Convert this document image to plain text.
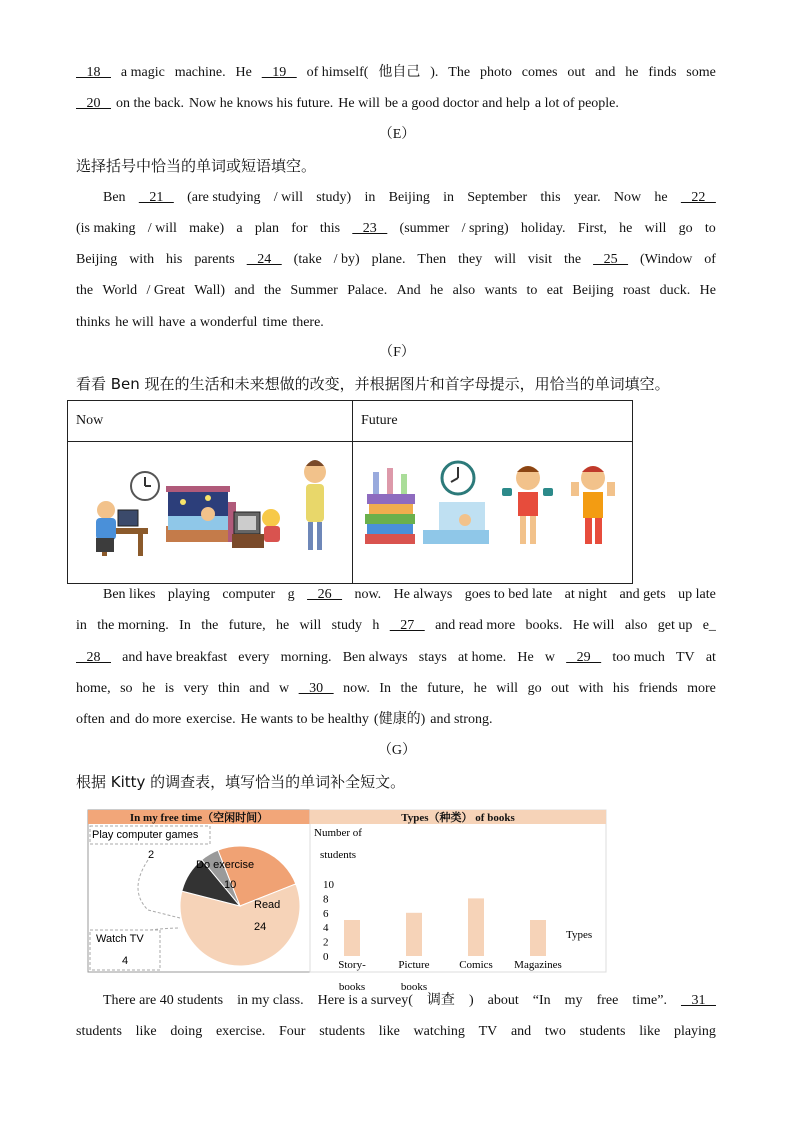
18 a magic machine. He 19 of himself( 他自己 ). The photo comes out and he finds some
20 on the back. Now he knows his future. He will be a good doctor and help a lot of people.
（E）
选择括号中恰当的单词或短语填空。
Ben 21 (are studying / will study) in Beijing in September this year. Now he 22
(is making / will make) a plan for this 23 (summer / spring) holiday. First, he will go to
Beijing with his parents 24 (take / by) plane. Then they will visit the 25 (Window of
the World / Great Wall) and the Summer Palace. And he also wants to eat Beijing roast duck. He
thinks he will have a wonderful time there.
（F）
看看 Ben 现在的生活和未来想做的改变，并根据图片和首字母提示，用恰当的单词填空。
Now	Future

Ben likes playing computer g 26 now. He always goes to bed late at night and gets up late
in the morning. In the future, he will study h 27 and read more books. He will also get up e_
28 and have breakfast every morning. Ben always stays at home. He w 29 too much TV at
home, so he is very thin and w 30 now. In the future, he will go out with his friends more
often and do more exercise. He wants to be healthy (健康的) and strong.
（G）
根据 Kitty 的调查表，填写恰当的单词补全短文。
In my free time（空闲时间）
Play computer games
2
Do exercise
10
Read
24
Watch TV
4
Types（种类） of books
Number of
students
0
2
4
6
8
10
Story-
books
Picture
books
Comics Magazines
Types
There are 40 students in my class. Here is a survey( 调查 ) about “In my free time”. 31
students like doing exercise. Four students like watching TV and two students like playing
